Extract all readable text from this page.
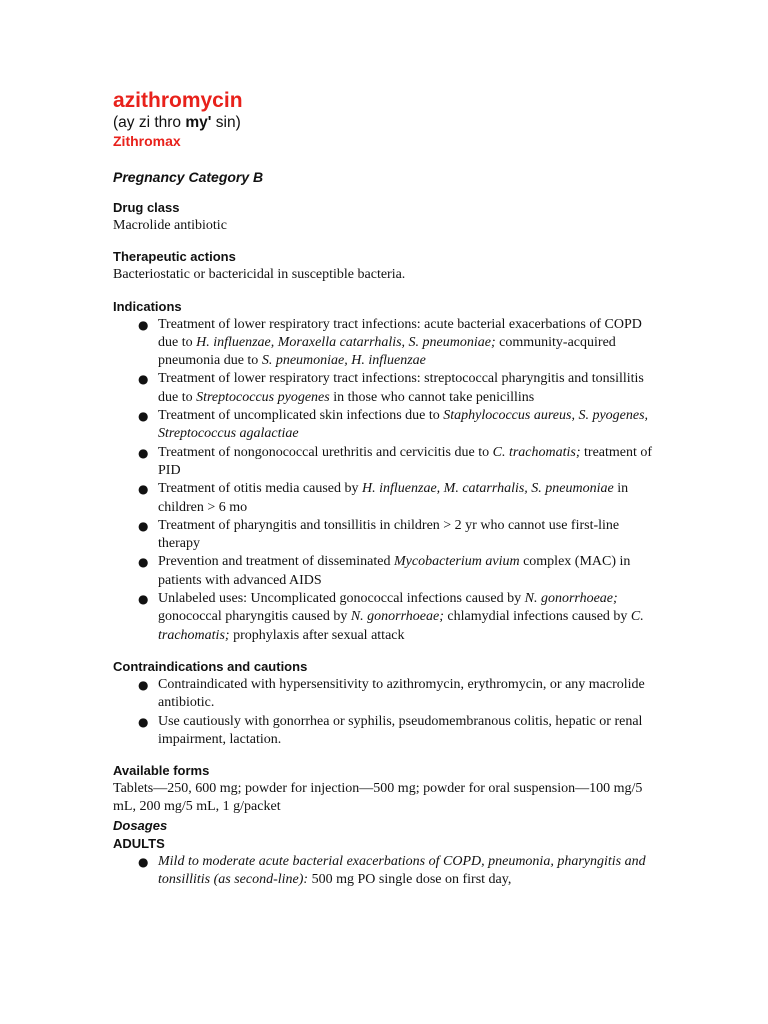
azithromycin

(ay zi thro my' sin)

Zithromax

Pregnancy Category B

Drug class

Macrolide antibiotic

Therapeutic actions

Bacteriostatic or bactericidal in susceptible bacteria.

Indications

● Treatment of lower respiratory tract infections: acute bacterial exacerbations of COPD due to H. influenzae, Moraxella catarrhalis, S. pneumoniae; community-acquired pneumonia due to S. pneumoniae, H. influenzae
● Treatment of lower respiratory tract infections: streptococcal pharyngitis and tonsillitis due to Streptococcus pyogenes in those who cannot take penicillins
● Treatment of uncomplicated skin infections due to Staphylococcus aureus, S. pyogenes, Streptococcus agalactiae
● Treatment of nongonococcal urethritis and cervicitis due to C. trachomatis; treatment of PID
● Treatment of otitis media caused by H. influenzae, M. catarrhalis, S. pneumoniae in children > 6 mo
● Treatment of pharyngitis and tonsillitis in children > 2 yr who cannot use first-line therapy
● Prevention and treatment of disseminated Mycobacterium avium complex (MAC) in patients with advanced AIDS
● Unlabeled uses: Uncomplicated gonococcal infections caused by N. gonorrhoeae; gonococcal pharyngitis caused by N. gonorrhoeae; chlamydial infections caused by C. trachomatis; prophylaxis after sexual attack

Contraindications and cautions

● Contraindicated with hypersensitivity to azithromycin, erythromycin, or any macrolide antibiotic.
● Use cautiously with gonorrhea or syphilis, pseudomembranous colitis, hepatic or renal impairment, lactation.

Available forms

Tablets—250, 600 mg; powder for injection—500 mg; powder for oral suspension—100 mg/5 mL, 200 mg/5 mL, 1 g/packet

Dosages

ADULTS

● Mild to moderate acute bacterial exacerbations of COPD, pneumonia, pharyngitis and tonsillitis (as second-line): 500 mg PO single dose on first day,
